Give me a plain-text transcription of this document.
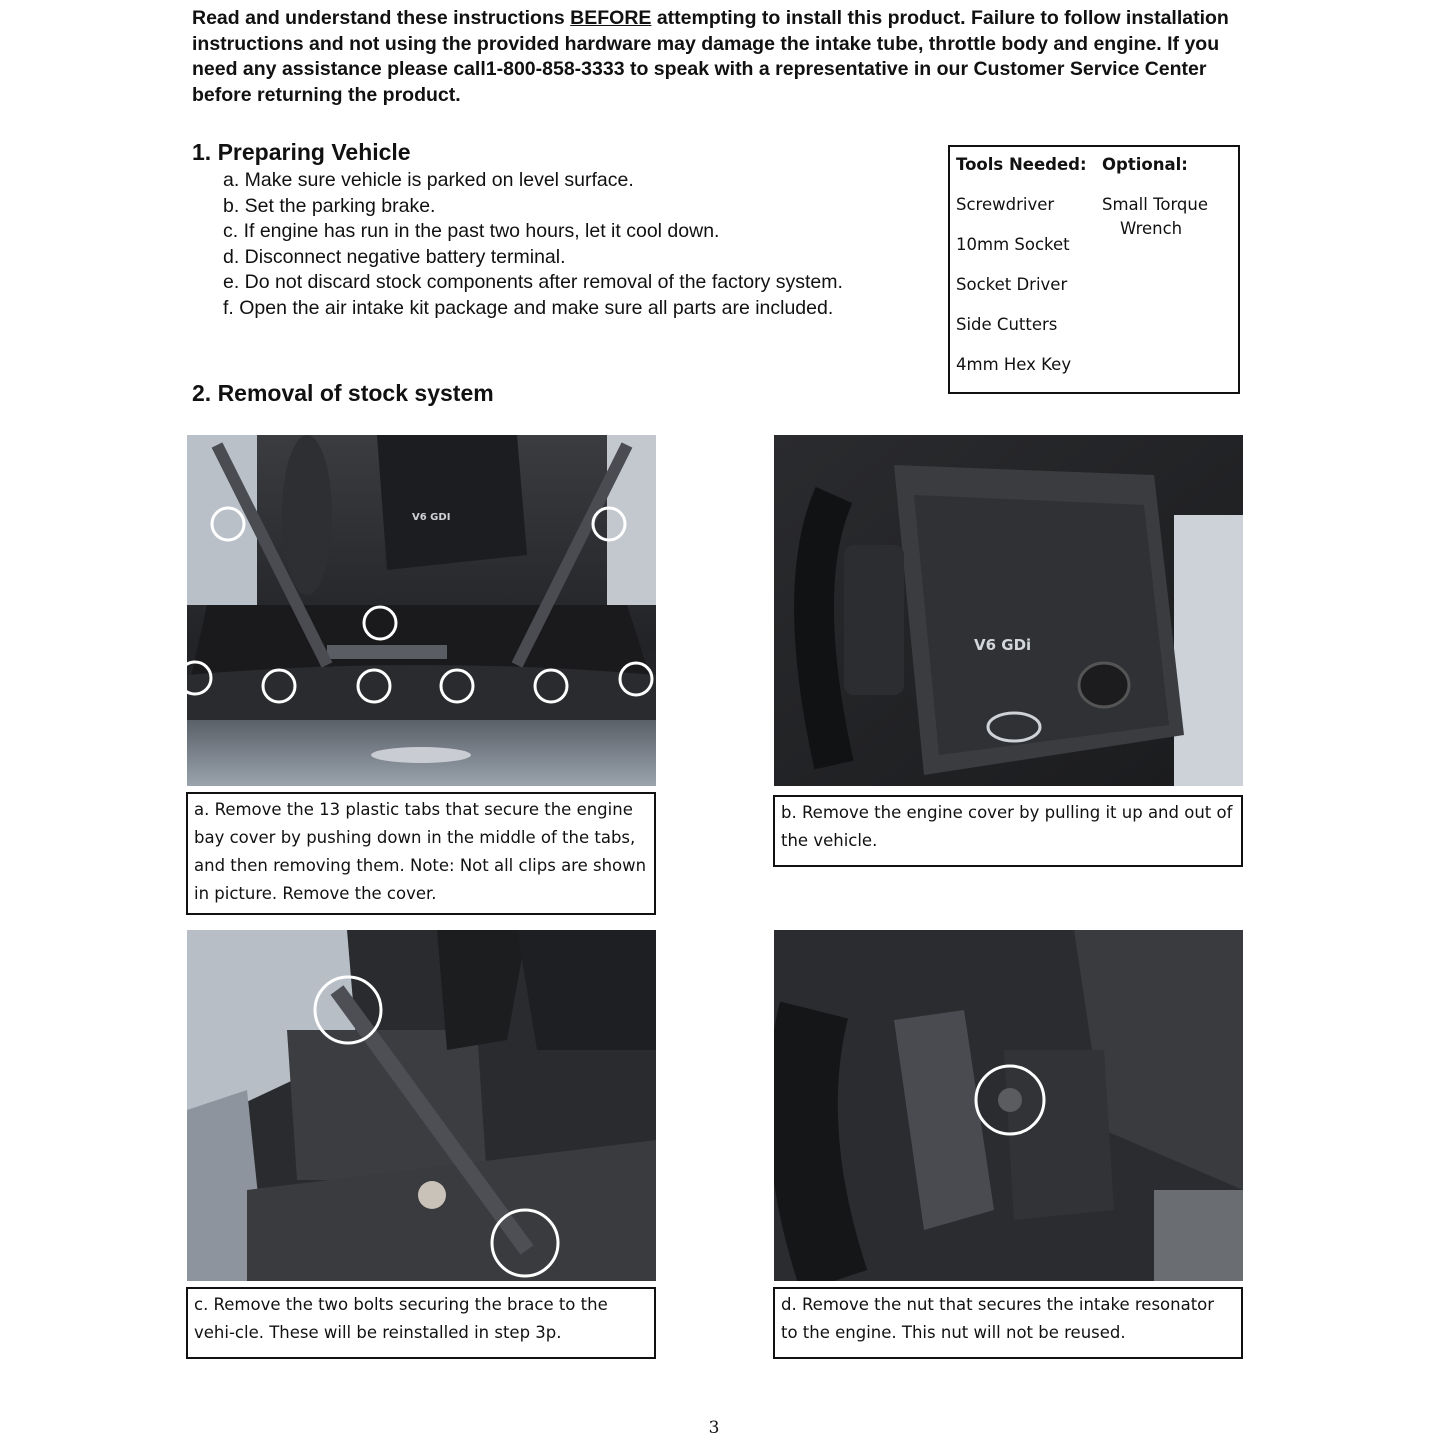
Read and understand these instructions BEFORE attempting to install this product. Failure to follow installation instructions and not using the provided hardware may damage the intake tube, throttle body and engine. If you need any assistance please call1-800-858-3333 to speak with a representative in our Customer Service Center before returning the product.
1. Preparing Vehicle
a. Make sure vehicle is parked on level surface.
b. Set the parking brake.
c. If engine has run in the past two hours, let it cool down.
d. Disconnect negative battery terminal.
e. Do not discard stock components after removal of the factory system.
f. Open the air intake kit package and make sure all parts are included.
Tools Needed:
Screwdriver
10mm Socket
Socket Driver
Side Cutters
4mm Hex Key
Optional:
Small Torque
Wrench
2. Removal of stock system
V6 GDI
V6 GDi
a. Remove the 13 plastic tabs that secure the engine bay cover by pushing down in the middle of the tabs, and then removing them. Note: Not all clips are shown in picture. Remove the cover.
b. Remove the engine cover by pulling it up and out of the vehicle.
c. Remove the two bolts securing the brace to the vehi-cle. These will be reinstalled in step 3p.
d. Remove the nut that secures the intake resonator to the engine. This nut will not be reused.
3
